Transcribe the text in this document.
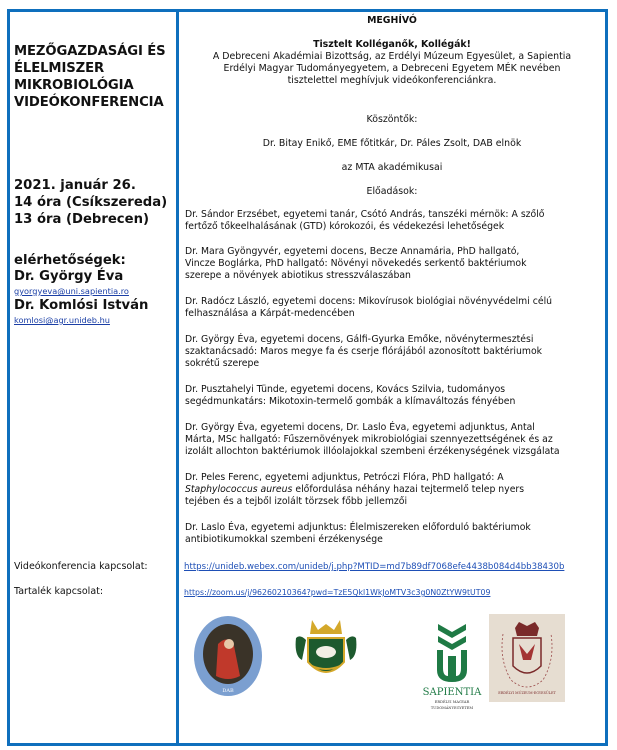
MEZŐGAZDASÁGI ÉS
ÉLELMISZER
MIKROBIOLÓGIA
VIDEÓKONFERENCIA
2021. január 26.
14 óra (Csíkszereda)
13 óra (Debrecen)
elérhetőségek:
Dr. György Éva
gyorgyeva@uni.sapientia.ro
Dr. Komlósi István
komlosi@agr.unideb.hu
MEGHÍVÓ
Tisztelt Kolléganők, Kollégák!
A Debreceni Akadémiai Bizottság, az Erdélyi Múzeum Egyesület, a Sapientia
Erdélyi Magyar Tudományegyetem, a Debreceni Egyetem MÉK nevében
tisztelettel meghívjuk videókonferenciánkra.
Köszöntők:
Dr. Bitay Enikő, EME főtitkár, Dr. Páles Zsolt, DAB elnök
az MTA akadémikusai
Előadások:
Dr. Sándor Erzsébet, egyetemi tanár, Csótó András, tanszéki mérnök: A szőlő
fertőző tőkeelhalásának (GTD) kórokozói, és védekezési lehetőségek
Dr. Mara Gyöngyvér, egyetemi docens, Becze Annamária, PhD hallgató,
Vincze Boglárka, PhD hallgató: Növényi növekedés serkentő baktériumok
szerepe a növények abiotikus stresszválaszában
Dr. Radócz László, egyetemi docens: Mikovírusok biológiai növényvédelmi célú
felhasználása a Kárpát-medencében
Dr. György Éva, egyetemi docens, Gálfi-Gyurka Emőke, növénytermesztési
szaktanácsadó: Maros megye fa és cserje flórájából azonosított baktériumok
sokrétű szerepe
Dr. Pusztahelyi Tünde, egyetemi docens, Kovács Szilvia, tudományos
segédmunkatárs: Mikotoxin-termelő gombák a klímaváltozás fényében
Dr. György Éva, egyetemi docens, Dr. Laslo Éva, egyetemi adjunktus, Antal
Márta, MSc hallgató: Fűszernövények mikrobiológiai szennyezettségének és az
izolált allochton baktériumok illóolajokkal szembeni érzékenységének vizsgálata
Dr. Peles Ferenc, egyetemi adjunktus, Petróczi Flóra, PhD hallgató: A
Staphylococcus aureus előfordulása néhány hazai tejtermelő telep nyers
tejében és a tejből izolált törzsek főbb jellemzői
Dr. Laslo Éva, egyetemi adjunktus: Élelmiszereken előforduló baktériumok
antibiotikumokkal szembeni érzékenysége
Videókonferencia kapcsolat:	https://unideb.webex.com/unideb/j.php?MTID=md7b89df7068efe4438b084d4bb38430b
Tartalék kapcsolat:	https://zoom.us/j/96260210364?pwd=TzE5Qkl1WkJoMTV3c3g0N0ZtYW9tUT09
DAB	SAPIENTIA
ERDÉLYI MAGYAR
TUDOMÁNYEGYETEM
ERDÉLYI MÚZEUM-EGYESÜLET
